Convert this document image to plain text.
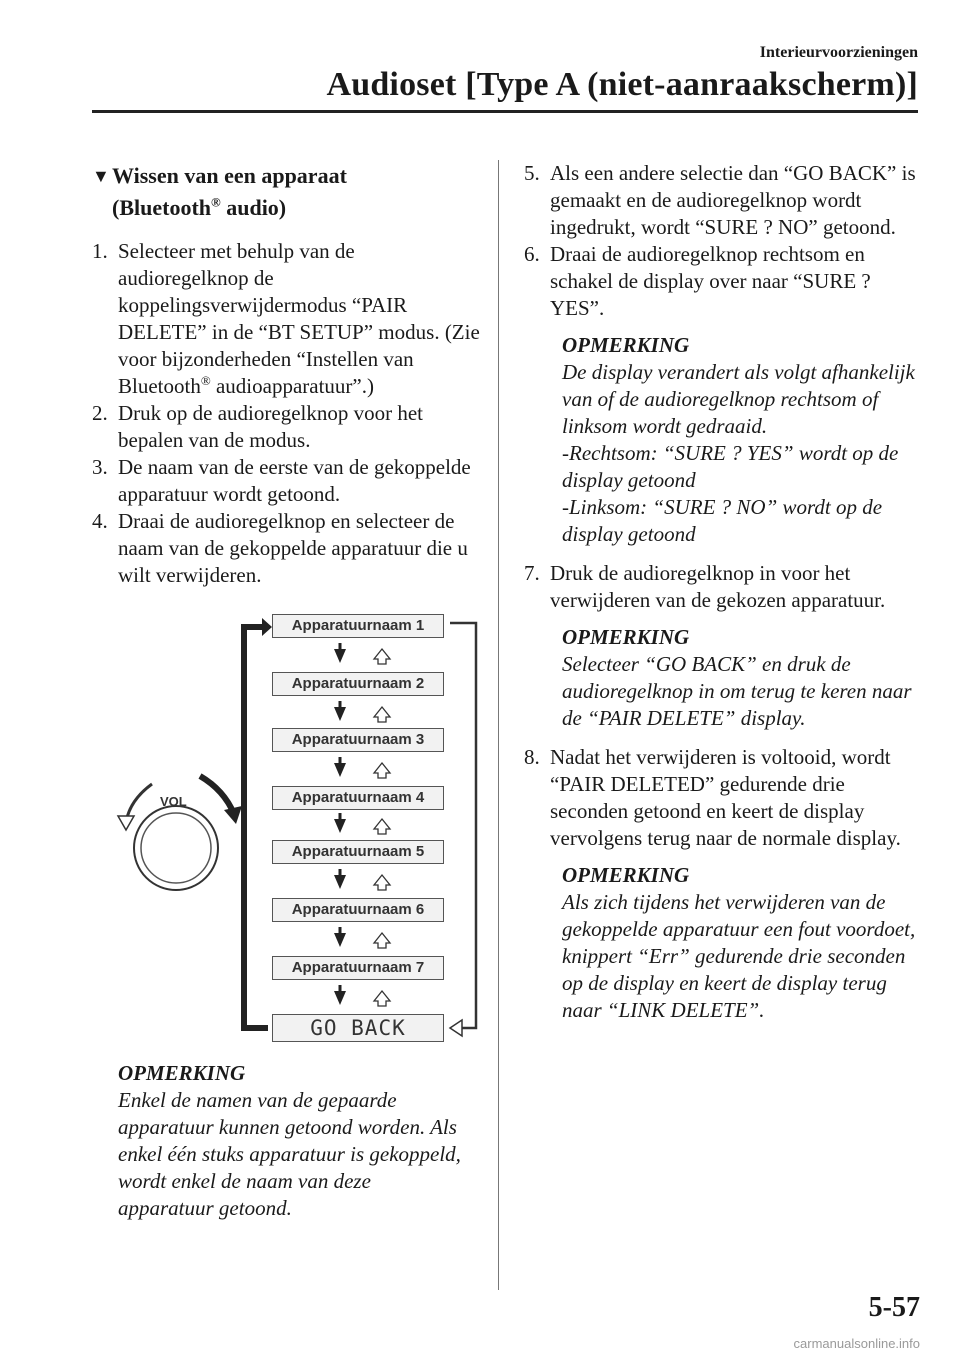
Interieurvoorzieningen
Audioset [Type A (niet-aanraakscherm)]
▼ Wissen van een apparaat
(Bluetooth® audio)
1. Selecteer met behulp van de audioregelknop de koppelingsverwijdermodus “PAIR DELETE” in de “BT SETUP” modus. (Zie voor bijzonderheden “Instellen van Bluetooth® audioapparatuur”.)
2. Druk op de audioregelknop voor het bepalen van de modus.
3. De naam van de eerste van de gekoppelde apparatuur wordt getoond.
4. Draai de audioregelknop en selecteer de naam van de gekoppelde apparatuur die u wilt verwijderen.
VOL
Apparatuurnaam 1
Apparatuurnaam 2
Apparatuurnaam 3
Apparatuurnaam 4
Apparatuurnaam 5
Apparatuurnaam 6
Apparatuurnaam 7
GO BACK
OPMERKING
Enkel de namen van de gepaarde apparatuur kunnen getoond worden. Als enkel één stuks apparatuur is gekoppeld, wordt enkel de naam van deze apparatuur getoond.
5. Als een andere selectie dan “GO BACK” is gemaakt en de audioregelknop wordt ingedrukt, wordt “SURE ? NO” getoond.
6. Draai de audioregelknop rechtsom en schakel de display over naar “SURE ? YES”.
OPMERKING
De display verandert als volgt afhankelijk van of de audioregelknop rechtsom of linksom wordt gedraaid.
-Rechtsom: “SURE ? YES” wordt op de display getoond
-Linksom: “SURE ? NO” wordt op de display getoond
7. Druk de audioregelknop in voor het verwijderen van de gekozen apparatuur.
OPMERKING
Selecteer “GO BACK” en druk de audioregelknop in om terug te keren naar de “PAIR DELETE” display.
8. Nadat het verwijderen is voltooid, wordt “PAIR DELETED” gedurende drie seconden getoond en keert de display vervolgens terug naar de normale display.
OPMERKING
Als zich tijdens het verwijderen van de gekoppelde apparatuur een fout voordoet, knippert “Err” gedurende drie seconden op de display en keert de display terug naar “LINK DELETE”.
5-57
carmanualsonline.info
